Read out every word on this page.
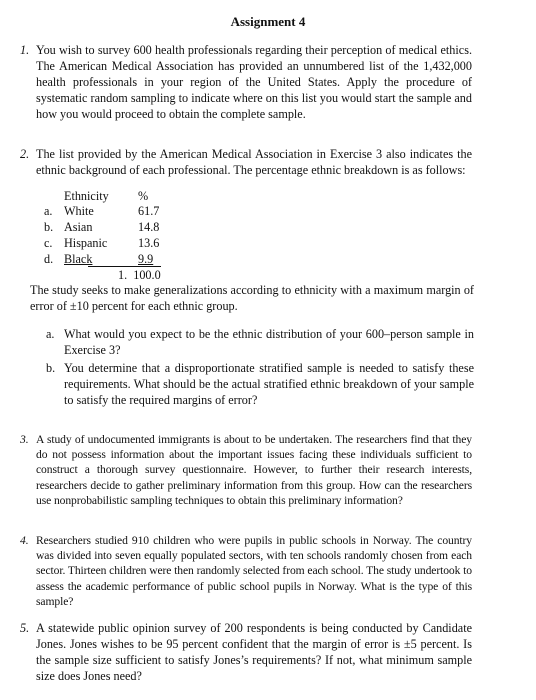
Assignment 4
1. You wish to survey 600 health professionals regarding their perception of medical ethics. The American Medical Association has provided an unnumbered list of the 1,432,000 health professionals in your region of the United States. Apply the procedure of systematic random sampling to indicate where on this list you would start the sample and how you would proceed to obtain the complete sample.
2. The list provided by the American Medical Association in Exercise 3 also indicates the ethnic background of each professional. The percentage ethnic breakdown is as follows:
Ethnicity %
a. White	61.7
b. Asian	14.8
c. Hispanic	13.6
d. Black	9.9
1.  100.0
The study seeks to make generalizations according to ethnicity with a maximum margin of error of ±10 percent for each ethnic group.
a. What would you expect to be the ethnic distribution of your 600–person sample in Exercise 3?
b. You determine that a disproportionate stratified sample is needed to satisfy these requirements. What should be the actual stratified ethnic breakdown of your sample to satisfy the required margins of error?
3. A study of undocumented immigrants is about to be undertaken. The researchers find that they do not possess information about the important issues facing these individuals sufficient to construct a thorough survey questionnaire. However, to further their research interests, researchers decide to gather preliminary information from this group. How can the researchers use nonprobabilistic sampling techniques to obtain this preliminary information?
4. Researchers studied 910 children who were pupils in public schools in Norway. The country was divided into seven equally populated sectors, with ten schools randomly chosen from each sector. Thirteen children were then randomly selected from each school. The study undertook to assess the academic performance of public school pupils in Norway. What is the type of this sample?
5. A statewide public opinion survey of 200 respondents is being conducted by Candidate Jones. Jones wishes to be 95 percent confident that the margin of error is ±5 percent. Is the sample size sufficient to satisfy Jones’s requirements? If not, what minimum sample size does Jones need?
